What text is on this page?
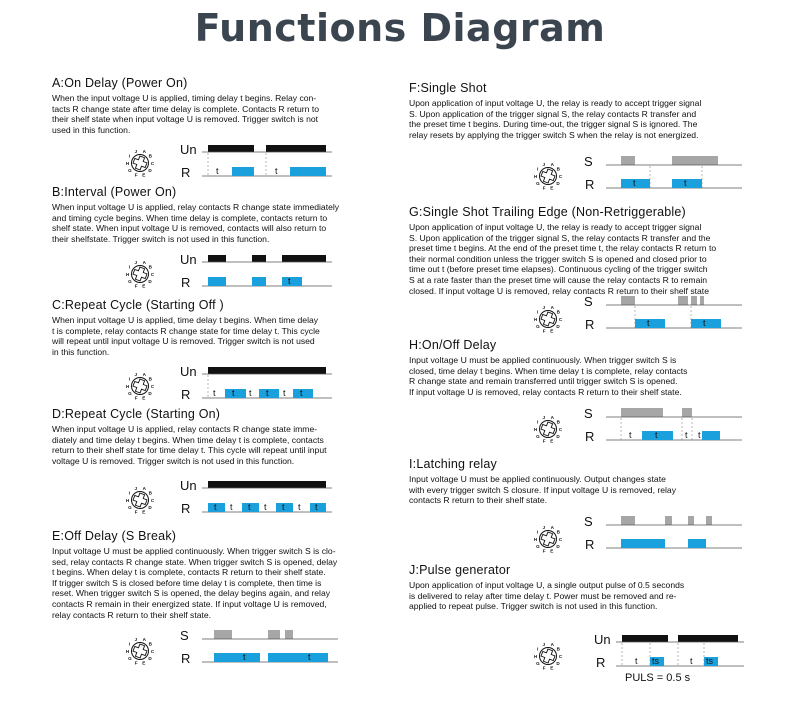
Functions Diagram
A:On Delay (Power On)
When the input voltage U is applied, timing delay t begins. Relay con-
tacts R change state after time delay is complete. Contacts R return to
their shelf state when input voltage U is removed. Trigger switch is not
used in this function.
A
B
C
D
E
F
G
H
I
J	Un
R	t	t
B:Interval (Power On)
When input voltage U is applied, relay contacts R change state immediately
and timing cycle begins. When time delay is complete, contacts return to
shelf state. When input voltage U is removed, contacts will also return to
their shelfstate. Trigger switch is not used in this function.
A
B
C
D
E
F
G
H
I
J	Un
R	t
C:Repeat Cycle (Starting Off )
When input voltage U is applied, time delay t begins. When time delay
t is complete, relay contacts R change state for time delay t. This cycle
will repeat until input voltage U is removed. Trigger switch is not used
in this function.
A
B
C
D
E
F
G
H
I
J	Un
R	t t t t t t
D:Repeat Cycle (Starting On)
When input voltage U is applied, relay contacts R change state imme-
diately and time delay t begins. When time delay t is complete, contacts
return to their shelf state for time delay t. This cycle will repeat until input
voltage U is removed. Trigger switch is not used in this function.
A
B
C
D
E
F
G
H
I
J	Un
R	t t t t t t t
E:Off Delay (S Break)
Input voltage U must be applied continuously. When trigger switch S is clo-
sed, relay contacts R change state. When trigger switch S is opened, delay
t begins. When delay t is complete, contacts R return to their shelf state.
If trigger switch S is closed before time delay t is complete, then time is
reset. When trigger switch S is opened, the delay begins again, and relay
contacts R remain in their energized state. If input voltage U is removed,
relay contacts R return to their shelf state.
A
B
C
D
E
F
G
H
I
J	S
R	t	t
F:Single Shot
Upon application of input voltage U, the relay is ready to accept trigger signal
S. Upon application of the trigger signal S, the relay contacts R transfer and
the preset time t begins. During time-out, the trigger signal S is ignored. The
relay resets by applying the trigger switch S when the relay is not energized.
A
B
C
D
E
F
G
H
I
J	S
R	t	t
G:Single Shot Trailing Edge (Non-Retriggerable)
Upon application of input voltage U, the relay is ready to accept trigger signal
S. Upon application of the trigger signal S, the relay contacts R transfer and the
preset time t begins. At the end of the preset time t, the relay contacts R return to
their normal condition unless the trigger switch S is opened and closed prior to
time out t (before preset time elapses). Continuous cycling of the trigger switch
S at a rate faster than the preset time will cause the relay contacts R to remain
closed. If input voltage U is removed, relay contacts R return to their shelf state
A
B
C
D
E
F
G
H
I
J	S
R	t	t
H:On/Off Delay
Input voltage U must be applied continuously. When trigger switch S is
closed, time delay t begins. When time delay t is complete, relay contacts
R change state and remain transferred until trigger switch S is opened.
If input voltage U is removed, relay contacts R return to their shelf state.
A
B
C
D
E
F
G
H
I
J	S
R	t	t	t t
I:Latching relay
Input voltage U must be applied continuously. Output changes state
with every trigger switch S closure. If input voltage U is removed, relay
contacts R return to their shelf state.
A
B
C
D
E
F
G
H
I
J	S
R
J:Pulse generator
Upon application of input voltage U, a single output pulse of 0.5 seconds
is delivered to relay after time delay t. Power must be removed and re-
applied to repeat pulse. Trigger switch is not used in this function.
A
B
C
D
E
F
G
H
I
J	Un
R	t ts	t ts
PULS = 0.5 s
